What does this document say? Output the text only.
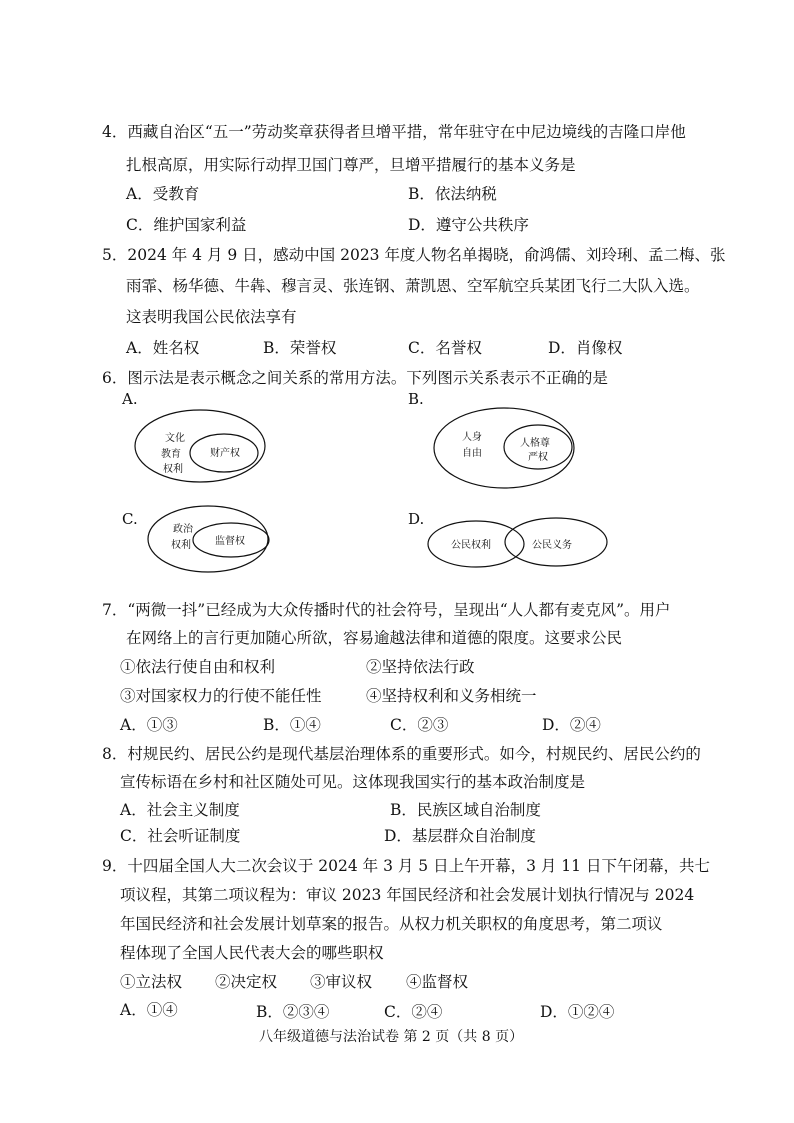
4．西藏自治区“五一”劳动奖章获得者旦增平措，常年驻守在中尼边境线的吉隆口岸他
扎根高原，用实际行动捍卫国门尊严，旦增平措履行的基本义务是
A．受教育	B．依法纳税
C．维护国家利益	D．遵守公共秩序
5．2024 年 4 月 9 日，感动中国 2023 年度人物名单揭晓，俞鸿儒、刘玲琍、孟二梅、张
雨霏、杨华德、牛犇、穆言灵、张连钢、萧凯恩、空军航空兵某团飞行二大队入选。
这表明我国公民依法享有
A．姓名权	B．荣誉权	C．名誉权	D．肖像权
6．图示法是表示概念之间关系的常用方法。下列图示关系表示不正确的是
A.	B.
C.	D.
文化
教育
权利
财产权
人身
自由
人格尊
严权
政治
权利 监督权	公民权利	公民义务
7．“两微一抖”已经成为大众传播时代的社会符号，呈现出“人人都有麦克风”。用户
在网络上的言行更加随心所欲，容易逾越法律和道德的限度。这要求公民
①依法行使自由和权利	②坚持依法行政
③对国家权力的行使不能任性	④坚持权利和义务相统一
A．①③	B．①④	C．②③	D．②④
8．村规民约、居民公约是现代基层治理体系的重要形式。如今，村规民约、居民公约的
宣传标语在乡村和社区随处可见。这体现我国实行的基本政治制度是
A．社会主义制度	B．民族区域自治制度
C．社会听证制度	D．基层群众自治制度
9．十四届全国人大二次会议于 2024 年 3 月 5 日上午开幕，3 月 11 日下午闭幕，共七
项议程，其第二项议程为：审议 2023 年国民经济和社会发展计划执行情况与 2024
年国民经济和社会发展计划草案的报告。从权力机关职权的角度思考，第二项议
程体现了全国人民代表大会的哪些职权
①立法权 ②决定权 ③审议权 ④监督权
A．①④	B．②③④	C．②④	D．①②④
八年级道德与法治试卷 第 2 页（共 8 页）
